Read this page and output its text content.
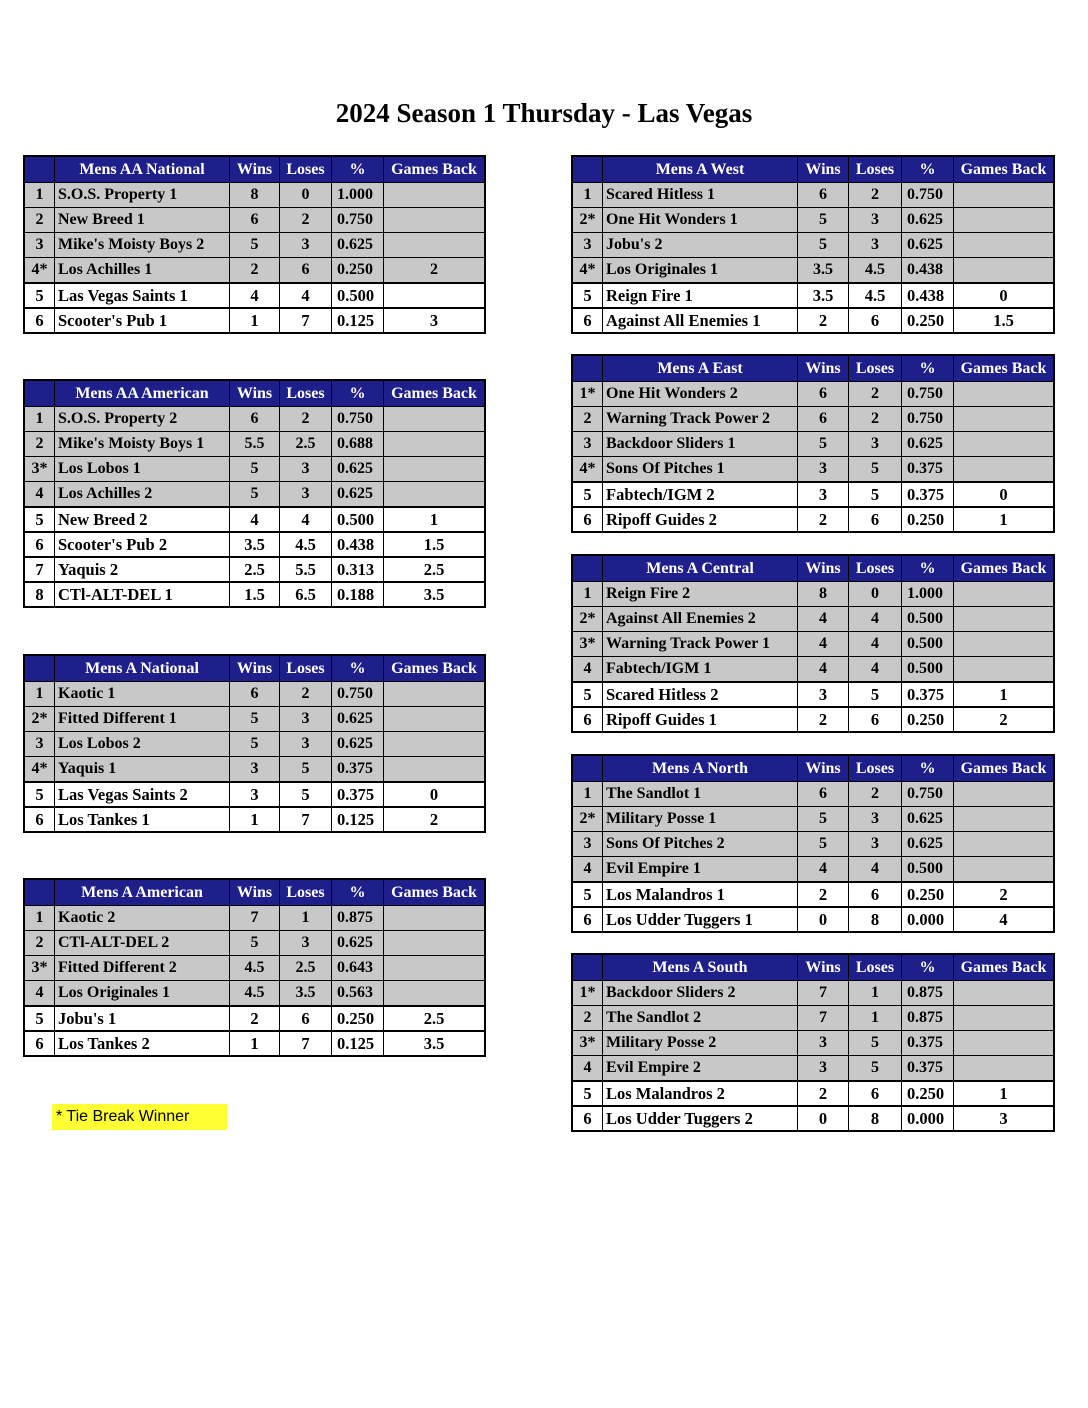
2024 Season 1 Thursday - Las Vegas
Mens AA National	Wins Loses	%	Games Back
1 S.O.S. Property 1	8	0	1.000
2 New Breed 1	6	2	0.750
3 Mike's Moisty Boys 2	5	3	0.625
4* Los Achilles 1	2	6	0.250	2
5 Las Vegas Saints 1	4	4	0.500
6 Scooter's Pub 1	1	7	0.125	3
Mens AA American	Wins Loses	%	Games Back
1 S.O.S. Property 2	6	2	0.750
2 Mike's Moisty Boys 1	5.5	2.5	0.688
3* Los Lobos 1	5	3	0.625
4 Los Achilles 2	5	3	0.625
5 New Breed 2	4	4	0.500	1
6 Scooter's Pub 2	3.5	4.5	0.438	1.5
7 Yaquis 2	2.5	5.5	0.313	2.5
8 CTl-ALT-DEL 1	1.5	6.5	0.188	3.5
Mens A National	Wins Loses	%	Games Back
1 Kaotic 1	6	2	0.750
2* Fitted Different 1	5	3	0.625
3 Los Lobos 2	5	3	0.625
4* Yaquis 1	3	5	0.375
5 Las Vegas Saints 2	3	5	0.375	0
6 Los Tankes 1	1	7	0.125	2
Mens A American	Wins Loses	%	Games Back
1 Kaotic 2	7	1	0.875
2 CTl-ALT-DEL 2	5	3	0.625
3* Fitted Different 2	4.5	2.5	0.643
4 Los Originales 1	4.5	3.5	0.563
5 Jobu's 1	2	6	0.250	2.5
6 Los Tankes 2	1	7	0.125	3.5
Mens A West	Wins Loses	%	Games Back
1 Scared Hitless 1	6	2	0.750
2* One Hit Wonders 1	5	3	0.625
3 Jobu's 2	5	3	0.625
4* Los Originales 1	3.5	4.5	0.438
5 Reign Fire 1	3.5	4.5	0.438	0
6 Against All Enemies 1	2	6	0.250	1.5
Mens A East	Wins Loses	%	Games Back
1* One Hit Wonders 2	6	2	0.750
2 Warning Track Power 2	6	2	0.750
3 Backdoor Sliders 1	5	3	0.625
4* Sons Of Pitches 1	3	5	0.375
5 Fabtech/IGM 2	3	5	0.375	0
6 Ripoff Guides 2	2	6	0.250	1
Mens A Central	Wins Loses	%	Games Back
1 Reign Fire 2	8	0	1.000
2* Against All Enemies 2	4	4	0.500
3* Warning Track Power 1	4	4	0.500
4 Fabtech/IGM 1	4	4	0.500
5 Scared Hitless 2	3	5	0.375	1
6 Ripoff Guides 1	2	6	0.250	2
Mens A North	Wins Loses	%	Games Back
1 The Sandlot 1	6	2	0.750
2* Military Posse 1	5	3	0.625
3 Sons Of Pitches 2	5	3	0.625
4 Evil Empire 1	4	4	0.500
5 Los Malandros 1	2	6	0.250	2
6 Los Udder Tuggers 1	0	8	0.000	4
Mens A South	Wins Loses	%	Games Back
1* Backdoor Sliders 2	7	1	0.875
2 The Sandlot 2	7	1	0.875
3* Military Posse 2	3	5	0.375
4 Evil Empire 2	3	5	0.375
5 Los Malandros 2	2	6	0.250	1
6 Los Udder Tuggers 2	0	8	0.000	3
* Tie Break Winner
